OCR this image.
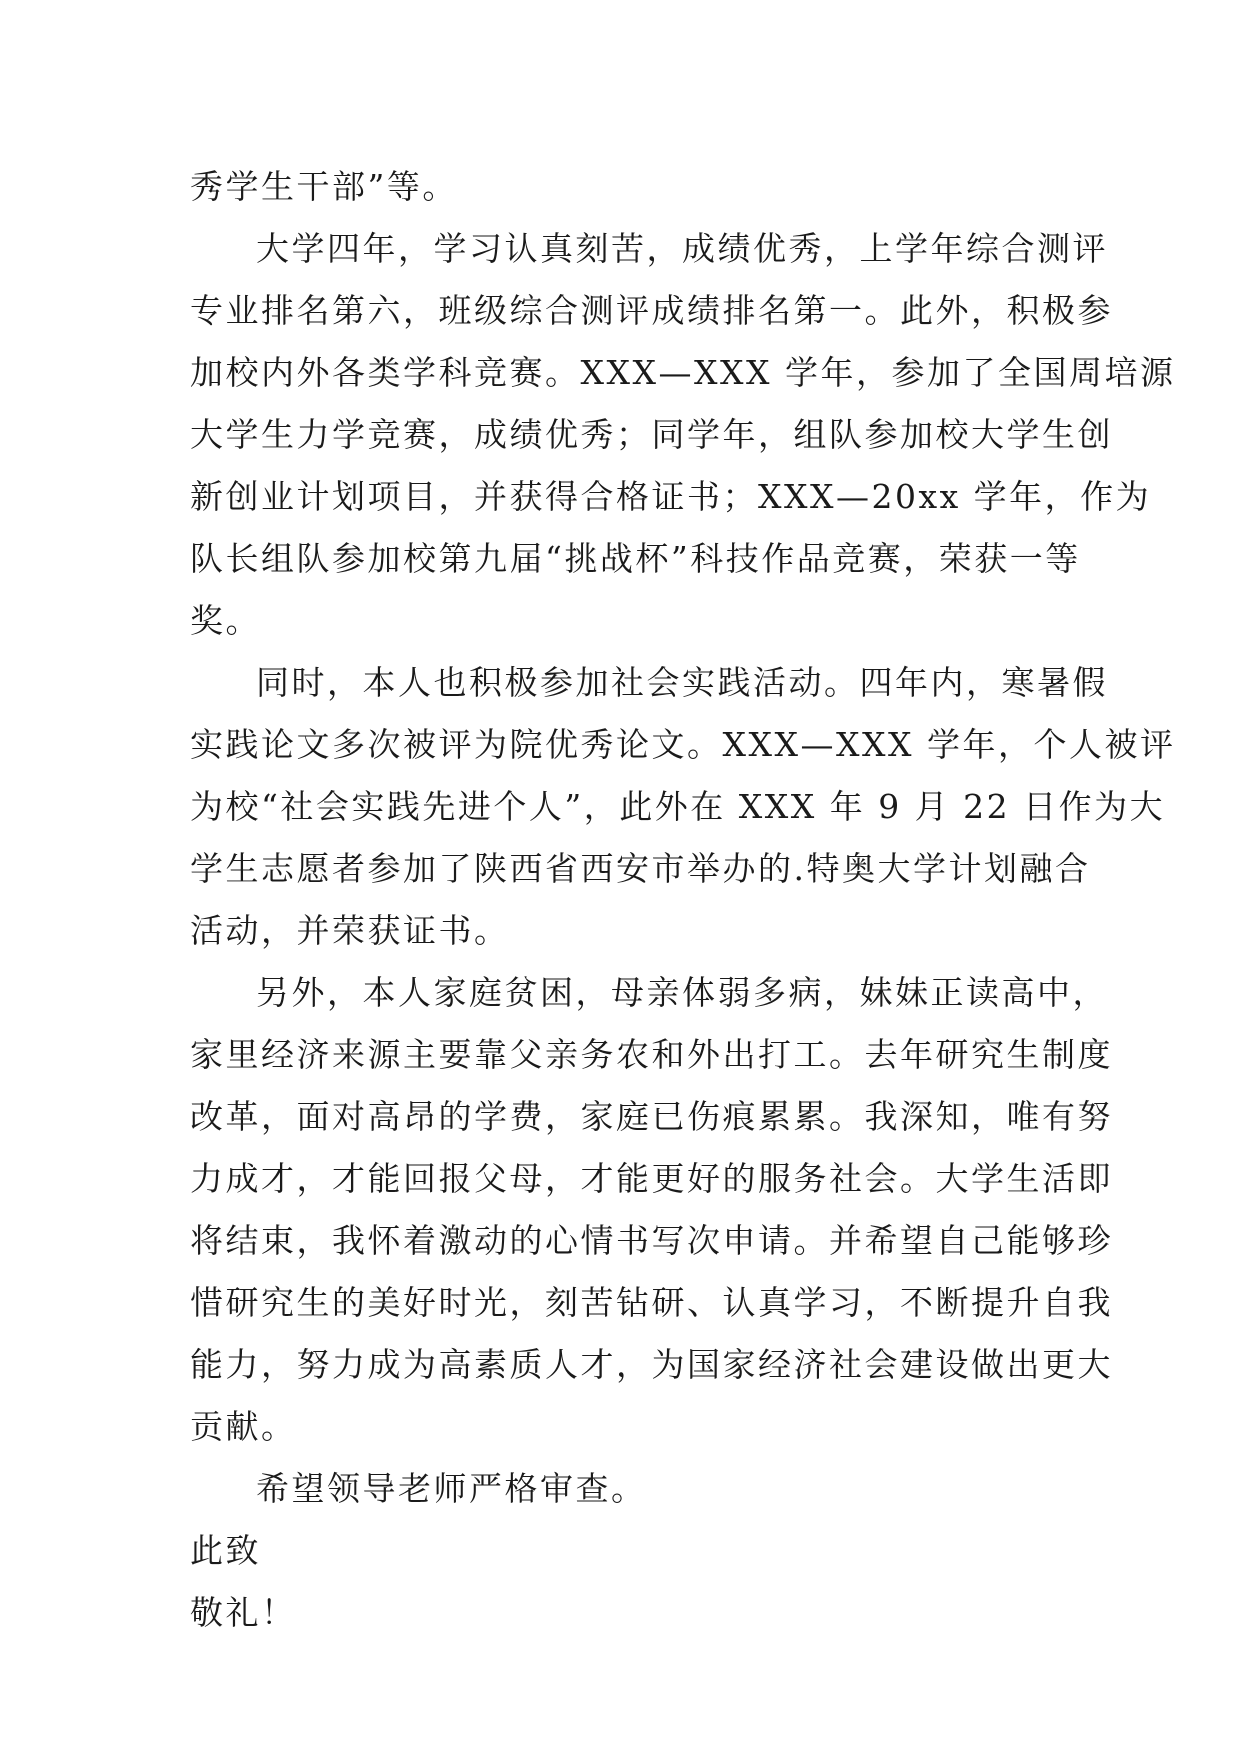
秀学生干部”等。
大学四年，学习认真刻苦，成绩优秀，上学年综合测评
专业排名第六，班级综合测评成绩排名第一。此外，积极参
加校内外各类学科竞赛。XXX—XXX 学年，参加了全国周培源
大学生力学竞赛，成绩优秀；同学年，组队参加校大学生创
新创业计划项目，并获得合格证书；XXX—20xx 学年，作为
队长组队参加校第九届“挑战杯”科技作品竞赛，荣获一等
奖。
同时，本人也积极参加社会实践活动。四年内，寒暑假
实践论文多次被评为院优秀论文。XXX—XXX 学年，个人被评
为校“社会实践先进个人”，此外在 XXX 年 9 月 22 日作为大
学生志愿者参加了陕西省西安市举办的.特奥大学计划融合
活动，并荣获证书。
另外，本人家庭贫困，母亲体弱多病，妹妹正读高中，
家里经济来源主要靠父亲务农和外出打工。去年研究生制度
改革，面对高昂的学费，家庭已伤痕累累。我深知，唯有努
力成才，才能回报父母，才能更好的服务社会。大学生活即
将结束，我怀着激动的心情书写次申请。并希望自己能够珍
惜研究生的美好时光，刻苦钻研、认真学习，不断提升自我
能力，努力成为高素质人才，为国家经济社会建设做出更大
贡献。
希望领导老师严格审查。
此致
敬礼！
